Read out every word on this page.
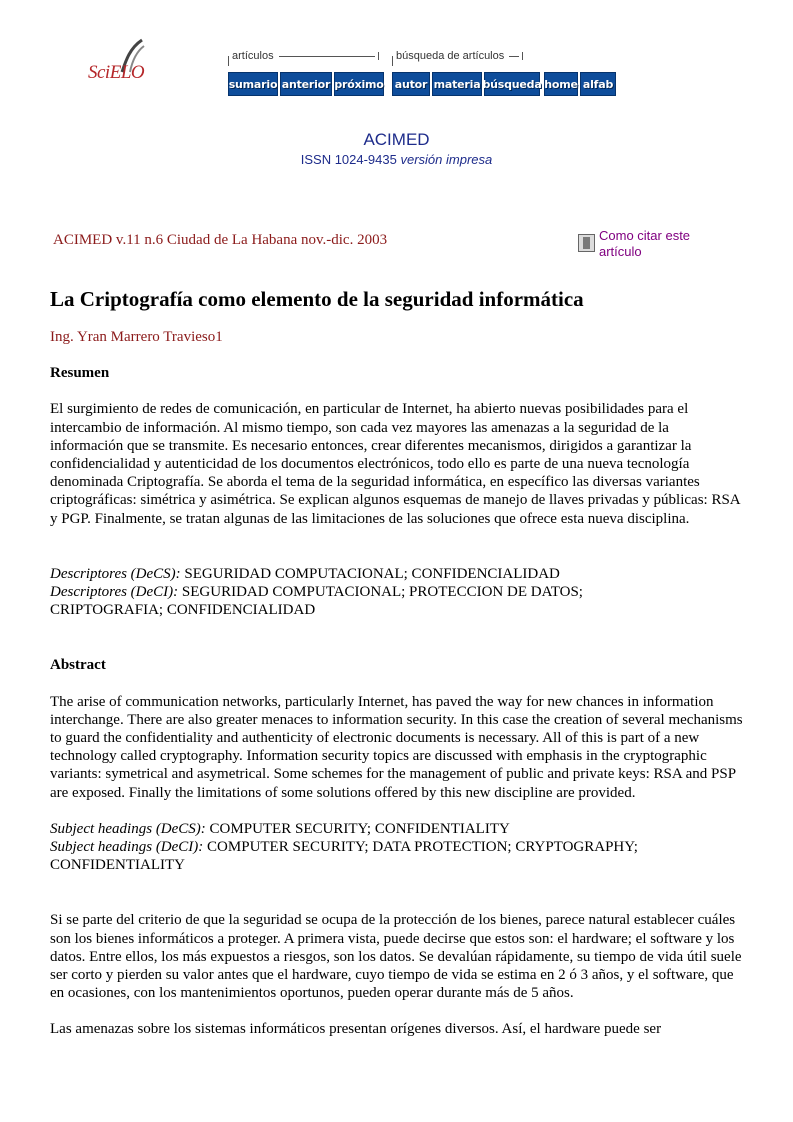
SciELO
artículos
sumario anterior próximo
búsqueda de artículos
autor materia búsqueda home alfab
ACIMED
ISSN 1024-9435 versión impresa
ACIMED v.11 n.6 Ciudad de La Habana nov.-dic. 2003	Como citar este artículo
La Criptografía como elemento de la seguridad informática

Ing. Yran Marrero Travieso1

Resumen

El surgimiento de redes de comunicación, en particular de Internet, ha abierto nuevas posibilidades para el intercambio de información. Al mismo tiempo, son cada vez mayores las amenazas a la seguridad de la información que se transmite. Es necesario entonces, crear diferentes mecanismos, dirigidos a garantizar la confidencialidad y autenticidad de los documentos electrónicos, todo ello es parte de una nueva tecnología denominada Criptografía. Se aborda el tema de la seguridad informática, en específico las diversas variantes criptográficas: simétrica y asimétrica. Se explican algunos esquemas de manejo de llaves privadas y públicas: RSA y PGP. Finalmente, se tratan algunas de las limitaciones de las soluciones que ofrece esta nueva disciplina.

Descriptores (DeCS): SEGURIDAD COMPUTACIONAL; CONFIDENCIALIDAD
Descriptores (DeCI): SEGURIDAD COMPUTACIONAL; PROTECCION DE DATOS; CRIPTOGRAFIA; CONFIDENCIALIDAD

Abstract

The arise of communication networks, particularly Internet, has paved the way for new chances in information interchange. There are also greater menaces to information security. In this case the creation of several mechanisms to guard the confidentiality and authenticity of electronic documents is necessary. All of this is part of a new technology called cryptography. Information security topics are discussed with emphasis in the cryptographic variants: symetrical and asymetrical. Some schemes for the management of public and private keys: RSA and PSP are exposed. Finally the limitations of some solutions offered by this new discipline are provided.

Subject headings (DeCS): COMPUTER SECURITY; CONFIDENTIALITY
Subject headings (DeCI): COMPUTER SECURITY; DATA PROTECTION; CRYPTOGRAPHY; CONFIDENTIALITY

Si se parte del criterio de que la seguridad se ocupa de la protección de los bienes, parece natural establecer cuáles son los bienes informáticos a proteger. A primera vista, puede decirse que estos son: el hardware; el software y los datos. Entre ellos, los más expuestos a riesgos, son los datos. Se devalúan rápidamente, su tiempo de vida útil suele ser corto y pierden su valor antes que el hardware, cuyo tiempo de vida se estima en 2 ó 3 años, y el software, que en ocasiones, con los mantenimientos oportunos, pueden operar durante más de 5 años.

Las amenazas sobre los sistemas informáticos presentan orígenes diversos. Así, el hardware puede ser
